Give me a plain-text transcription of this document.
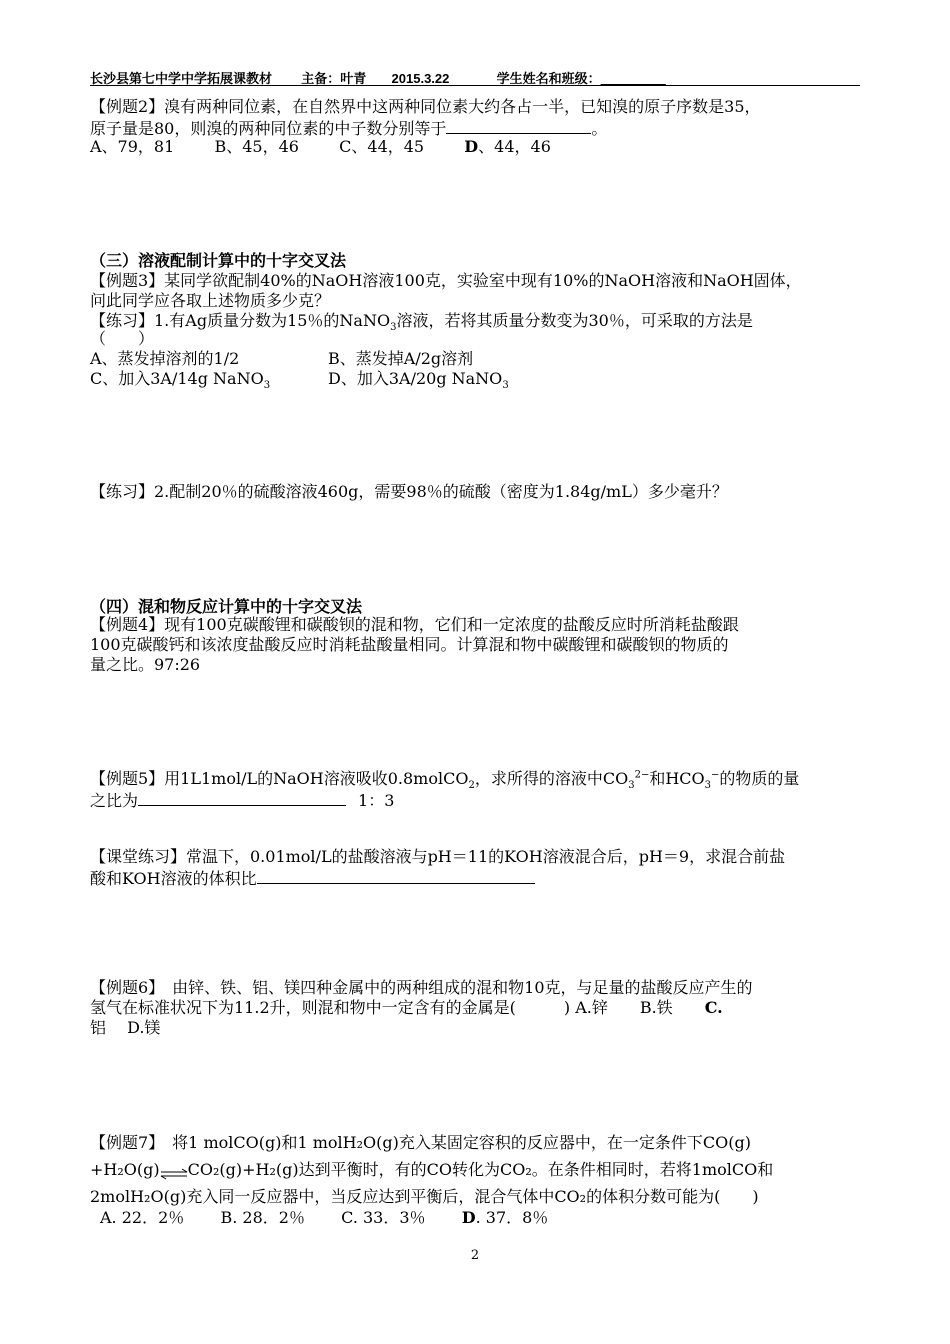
长沙县第七中学中学拓展课教材 主备：叶青 2015.3.22	学生姓名和班级：_________
【例题2】溴有两种同位素，在自然界中这两种同位素大约各占一半，已知溴的原子序数是35，
原子量是80，则溴的两种同位素的中子数分别等于	。
A、79，81	B、45，46	C、44，45	D、44，46
（三）溶液配制计算中的十字交叉法
【例题3】某同学欲配制40%的NaOH溶液100克，实验室中现有10%的NaOH溶液和NaOH固体，
问此同学应各取上述物质多少克？
【练习】1.有Ag质量分数为15％的NaNO$_3$溶液，若将其质量分数变为30％，可采取的方法是
（　　）
A、蒸发掉溶剂的1/2	B、蒸发掉A/2g溶剂
C、加入3A/14g NaNO$_3$	D、加入3A/20g NaNO$_3$
【练习】2.配制20％的硫酸溶液460g，需要98％的硫酸（密度为1.84g/mL）多少毫升？
（四）混和物反应计算中的十字交叉法
【例题4】现有100克碳酸锂和碳酸钡的混和物，它们和一定浓度的盐酸反应时所消耗盐酸跟
100克碳酸钙和该浓度盐酸反应时消耗盐酸量相同。计算混和物中碳酸锂和碳酸钡的物质的
量之比。97:26
【例题5】用1L1mol/L的NaOH溶液吸收0.8molCO$_2$，求所得的溶液中$CO_3^{2-}$和$HCO_3^-$的物质的量
之比为	1：3
【课堂练习】常温下，0.01mol/L的盐酸溶液与pH＝11的KOH溶液混合后，pH＝9，求混合前盐
酸和KOH溶液的体积比
【例题6】　由锌、铁、铝、镁四种金属中的两种组成的混和物10克，与足量的盐酸反应产生的
氢气在标准状况下为11.2升，则混和物中一定含有的金属是(　　　) A.锌　　B.铁　　C.
铝　 D.镁
【例题7】　将1 molCO(g)和1 molH₂O(g)充入某固定容积的反应器中，在一定条件下CO(g)
+H₂O(g)⇌CO₂(g)+H₂(g)达到平衡时，有的CO转化为CO₂。在条件相同时，若将1molCO和
2molH₂O(g)充入同一反应器中，当反应达到平衡后，混合气体中CO₂的体积分数可能为(　　)
A. 22．2％ B. 28．2％ C. 33．3％ D. 37．8％
2
